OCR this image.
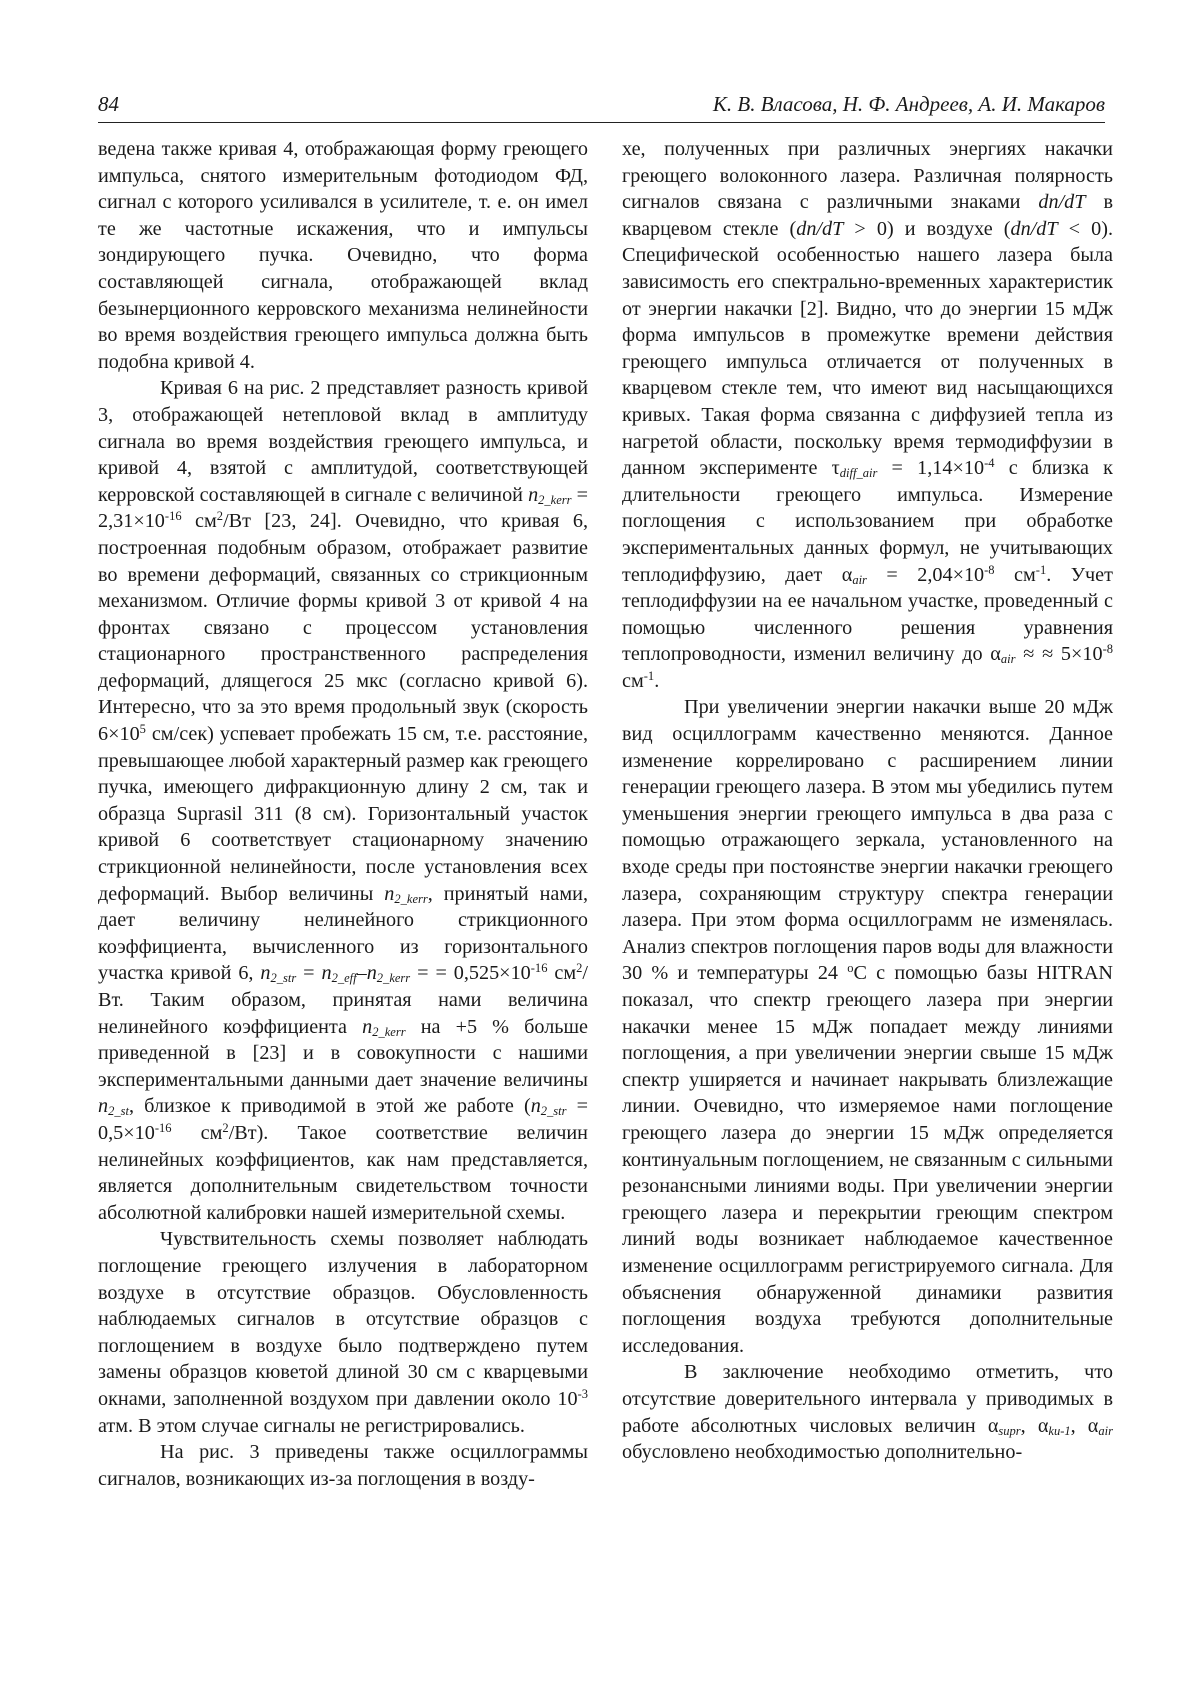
84	К. В. Власова, Н. Ф. Андреев, А. И. Макаров

ведена также кривая 4, отображающая форму греющего импульса, снятого измерительным фотодиодом ФД, сигнал с которого усиливался в усилителе, т. е. он имел те же частотные искажения, что и импульсы зондирующего пучка. Очевидно, что форма составляющей сигнала, отображающей вклад безынерционного керровского механизма нелинейности во время воздействия греющего импульса должна быть подобна кривой 4.

Кривая 6 на рис. 2 представляет разность кривой 3, отображающей нетепловой вклад в амплитуду сигнала во время воздействия греющего импульса, и кривой 4, взятой с амплитудой, соответствующей керровской составляющей в сигнале с величиной $n_{2\_kerr} = 2,31\times 10^{-16}$ $см^2/Вт$ [23, 24]. Очевидно, что кривая 6, построенная подобным образом, отображает развитие во времени деформаций, связанных со стрикционным механизмом. Отличие формы кривой 3 от кривой 4 на фронтах связано с процессом установления стационарного пространственного распределения деформаций, длящегося 25 мкс (согласно кривой 6). Интересно, что за это время продольный звук (скорость $6\times 10^5$ см/сек) успевает пробежать 15 см, т.е. расстояние, превышающее любой характерный размер как греющего пучка, имеющего дифракционную длину 2 см, так и образца Suprasil 311 (8 см). Горизонтальный участок кривой 6 соответствует стационарному значению стрикционной нелинейности, после установления всех деформаций. Выбор величины $n_{2\_kerr}$, принятый нами, дает величину нелинейного стрикционного коэффициента, вычисленного из горизонтального участка кривой 6, $n_{2\_str} = n_{2\_eff}-n_{2\_kerr}$ = = $0,525\times 10^{-16}$ $см^2/Вт$. Таким образом, принятая нами величина нелинейного коэффициента $n_{2\_kerr}$ на +5 % больше приведенной в [23] и в совокупности с нашими экспериментальными данными дает значение величины $n_{2\_st}$, близкое к приводимой в этой же работе ($n_{2\_str} = 0,5\times 10^{-16}$ $см^2/Вт$). Такое соответствие величин нелинейных коэффициентов, как нам представляется, является дополнительным свидетельством точности абсолютной калибровки нашей измерительной схемы.

Чувствительность схемы позволяет наблюдать поглощение греющего излучения в лабораторном воздухе в отсутствие образцов. Обусловленность наблюдаемых сигналов в отсутствие образцов с поглощением в воздухе было подтверждено путем замены образцов кюветой длиной 30 см с кварцевыми окнами, заполненной воздухом при давлении около $10^{-3}$ атм. В этом случае сигналы не регистрировались.

На рис. 3 приведены также осциллограммы сигналов, возникающих из-за поглощения в возду-

хе, полученных при различных энергиях накачки греющего волоконного лазера. Различная полярность сигналов связана с различными знаками dn/dT в кварцевом стекле (dn/dT > 0) и воздухе (dn/dT < 0). Специфической особенностью нашего лазера была зависимость его спектрально-временных характеристик от энергии накачки [2]. Видно, что до энергии 15 мДж форма импульсов в промежутке времени действия греющего импульса отличается от полученных в кварцевом стекле тем, что имеют вид насыщающихся кривых. Такая форма связанна с диффузией тепла из нагретой области, поскольку время термодиффузии в данном эксперименте $\tau_{diff\_air} = 1,14\times 10^{-4}$ с близка к длительности греющего импульса. Измерение поглощения с использованием при обработке экспериментальных данных формул, не учитывающих теплодиффузию, дает $\alpha_{air} = 2,04\times 10^{-8}$ $см^{-1}$. Учет теплодиффузии на ее начальном участке, проведенный с помощью численного решения уравнения теплопроводности, изменил величину до $\alpha_{air}$ ≈ ≈ $5\times 10^{-8}$ $см^{-1}$.

При увеличении энергии накачки выше 20 мДж вид осциллограмм качественно меняются. Данное изменение коррелировано с расширением линии генерации греющего лазера. В этом мы убедились путем уменьшения энергии греющего импульса в два раза с помощью отражающего зеркала, установленного на входе среды при постоянстве энергии накачки греющего лазера, сохраняющим структуру спектра генерации лазера. При этом форма осциллограмм не изменялась. Анализ спектров поглощения паров воды для влажности 30 % и температуры 24 $^o$С с помощью базы HITRAN показал, что спектр греющего лазера при энергии накачки менее 15 мДж попадает между линиями поглощения, а при увеличении энергии свыше 15 мДж спектр уширяется и начинает накрывать близлежащие линии. Очевидно, что измеряемое нами поглощение греющего лазера до энергии 15 мДж определяется континуальным поглощением, не связанным с сильными резонансными линиями воды. При увеличении энергии греющего лазера и перекрытии греющим спектром линий воды возникает наблюдаемое качественное изменение осциллограмм регистрируемого сигнала. Для объяснения обнаруженной динамики развития поглощения воздуха требуются дополнительные исследования.

В заключение необходимо отметить, что отсутствие доверительного интервала у приводимых в работе абсолютных числовых величин $\alpha_{supr}$, $\alpha_{ku-1}$, $\alpha_{air}$ обусловлено необходимостью дополнительно-
